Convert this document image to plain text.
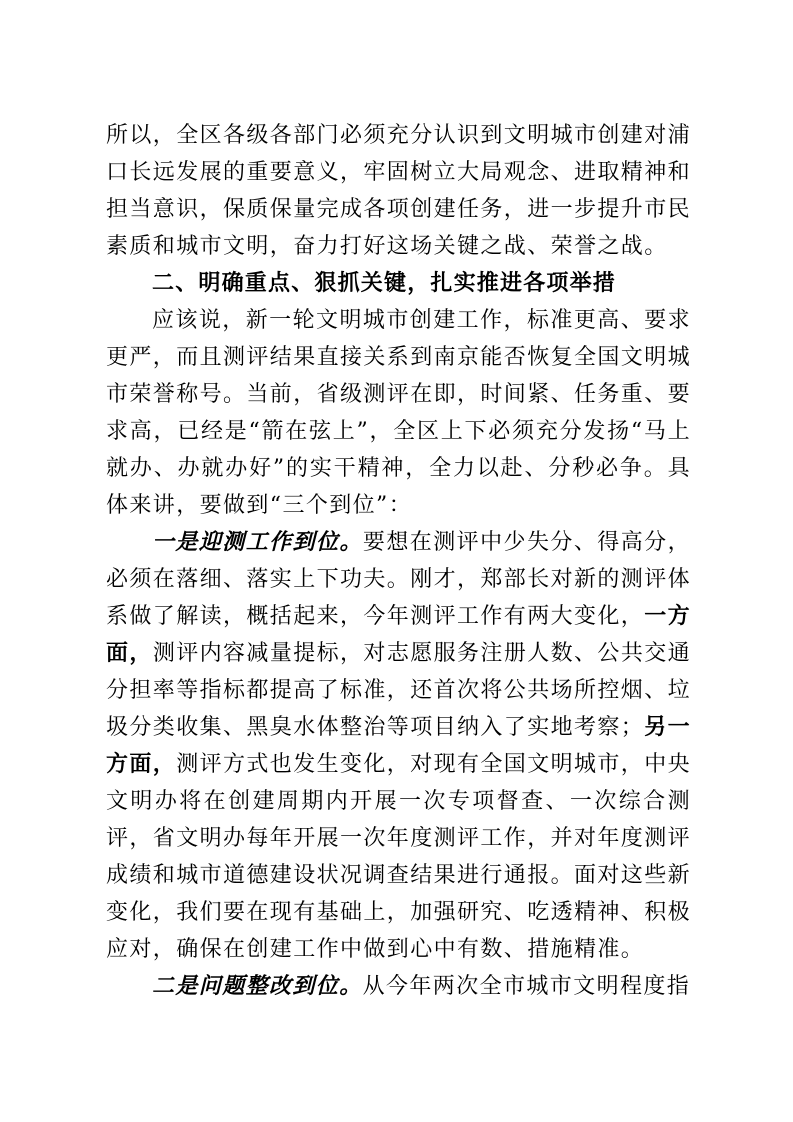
所以，全区各级各部门必须充分认识到文明城市创建对浦口长远发展的重要意义，牢固树立大局观念、进取精神和担当意识，保质保量完成各项创建任务，进一步提升市民素质和城市文明，奋力打好这场关键之战、荣誉之战。

二、明确重点、狠抓关键，扎实推进各项举措

应该说，新一轮文明城市创建工作，标准更高、要求更严，而且测评结果直接关系到南京能否恢复全国文明城市荣誉称号。当前，省级测评在即，时间紧、任务重、要求高，已经是“箭在弦上”，全区上下必须充分发扬“马上就办、办就办好”的实干精神，全力以赴、分秒必争。具体来讲，要做到“三个到位”：

一是迎测工作到位。要想在测评中少失分、得高分，必须在落细、落实上下功夫。刚才，郑部长对新的测评体系做了解读，概括起来，今年测评工作有两大变化，一方面，测评内容减量提标，对志愿服务注册人数、公共交通分担率等指标都提高了标准，还首次将公共场所控烟、垃圾分类收集、黑臭水体整治等项目纳入了实地考察；另一方面，测评方式也发生变化，对现有全国文明城市，中央文明办将在创建周期内开展一次专项督查、一次综合测评，省文明办每年开展一次年度测评工作，并对年度测评成绩和城市道德建设状况调查结果进行通报。面对这些新变化，我们要在现有基础上，加强研究、吃透精神、积极应对，确保在创建工作中做到心中有数、措施精准。

二是问题整改到位。从今年两次全市城市文明程度指
